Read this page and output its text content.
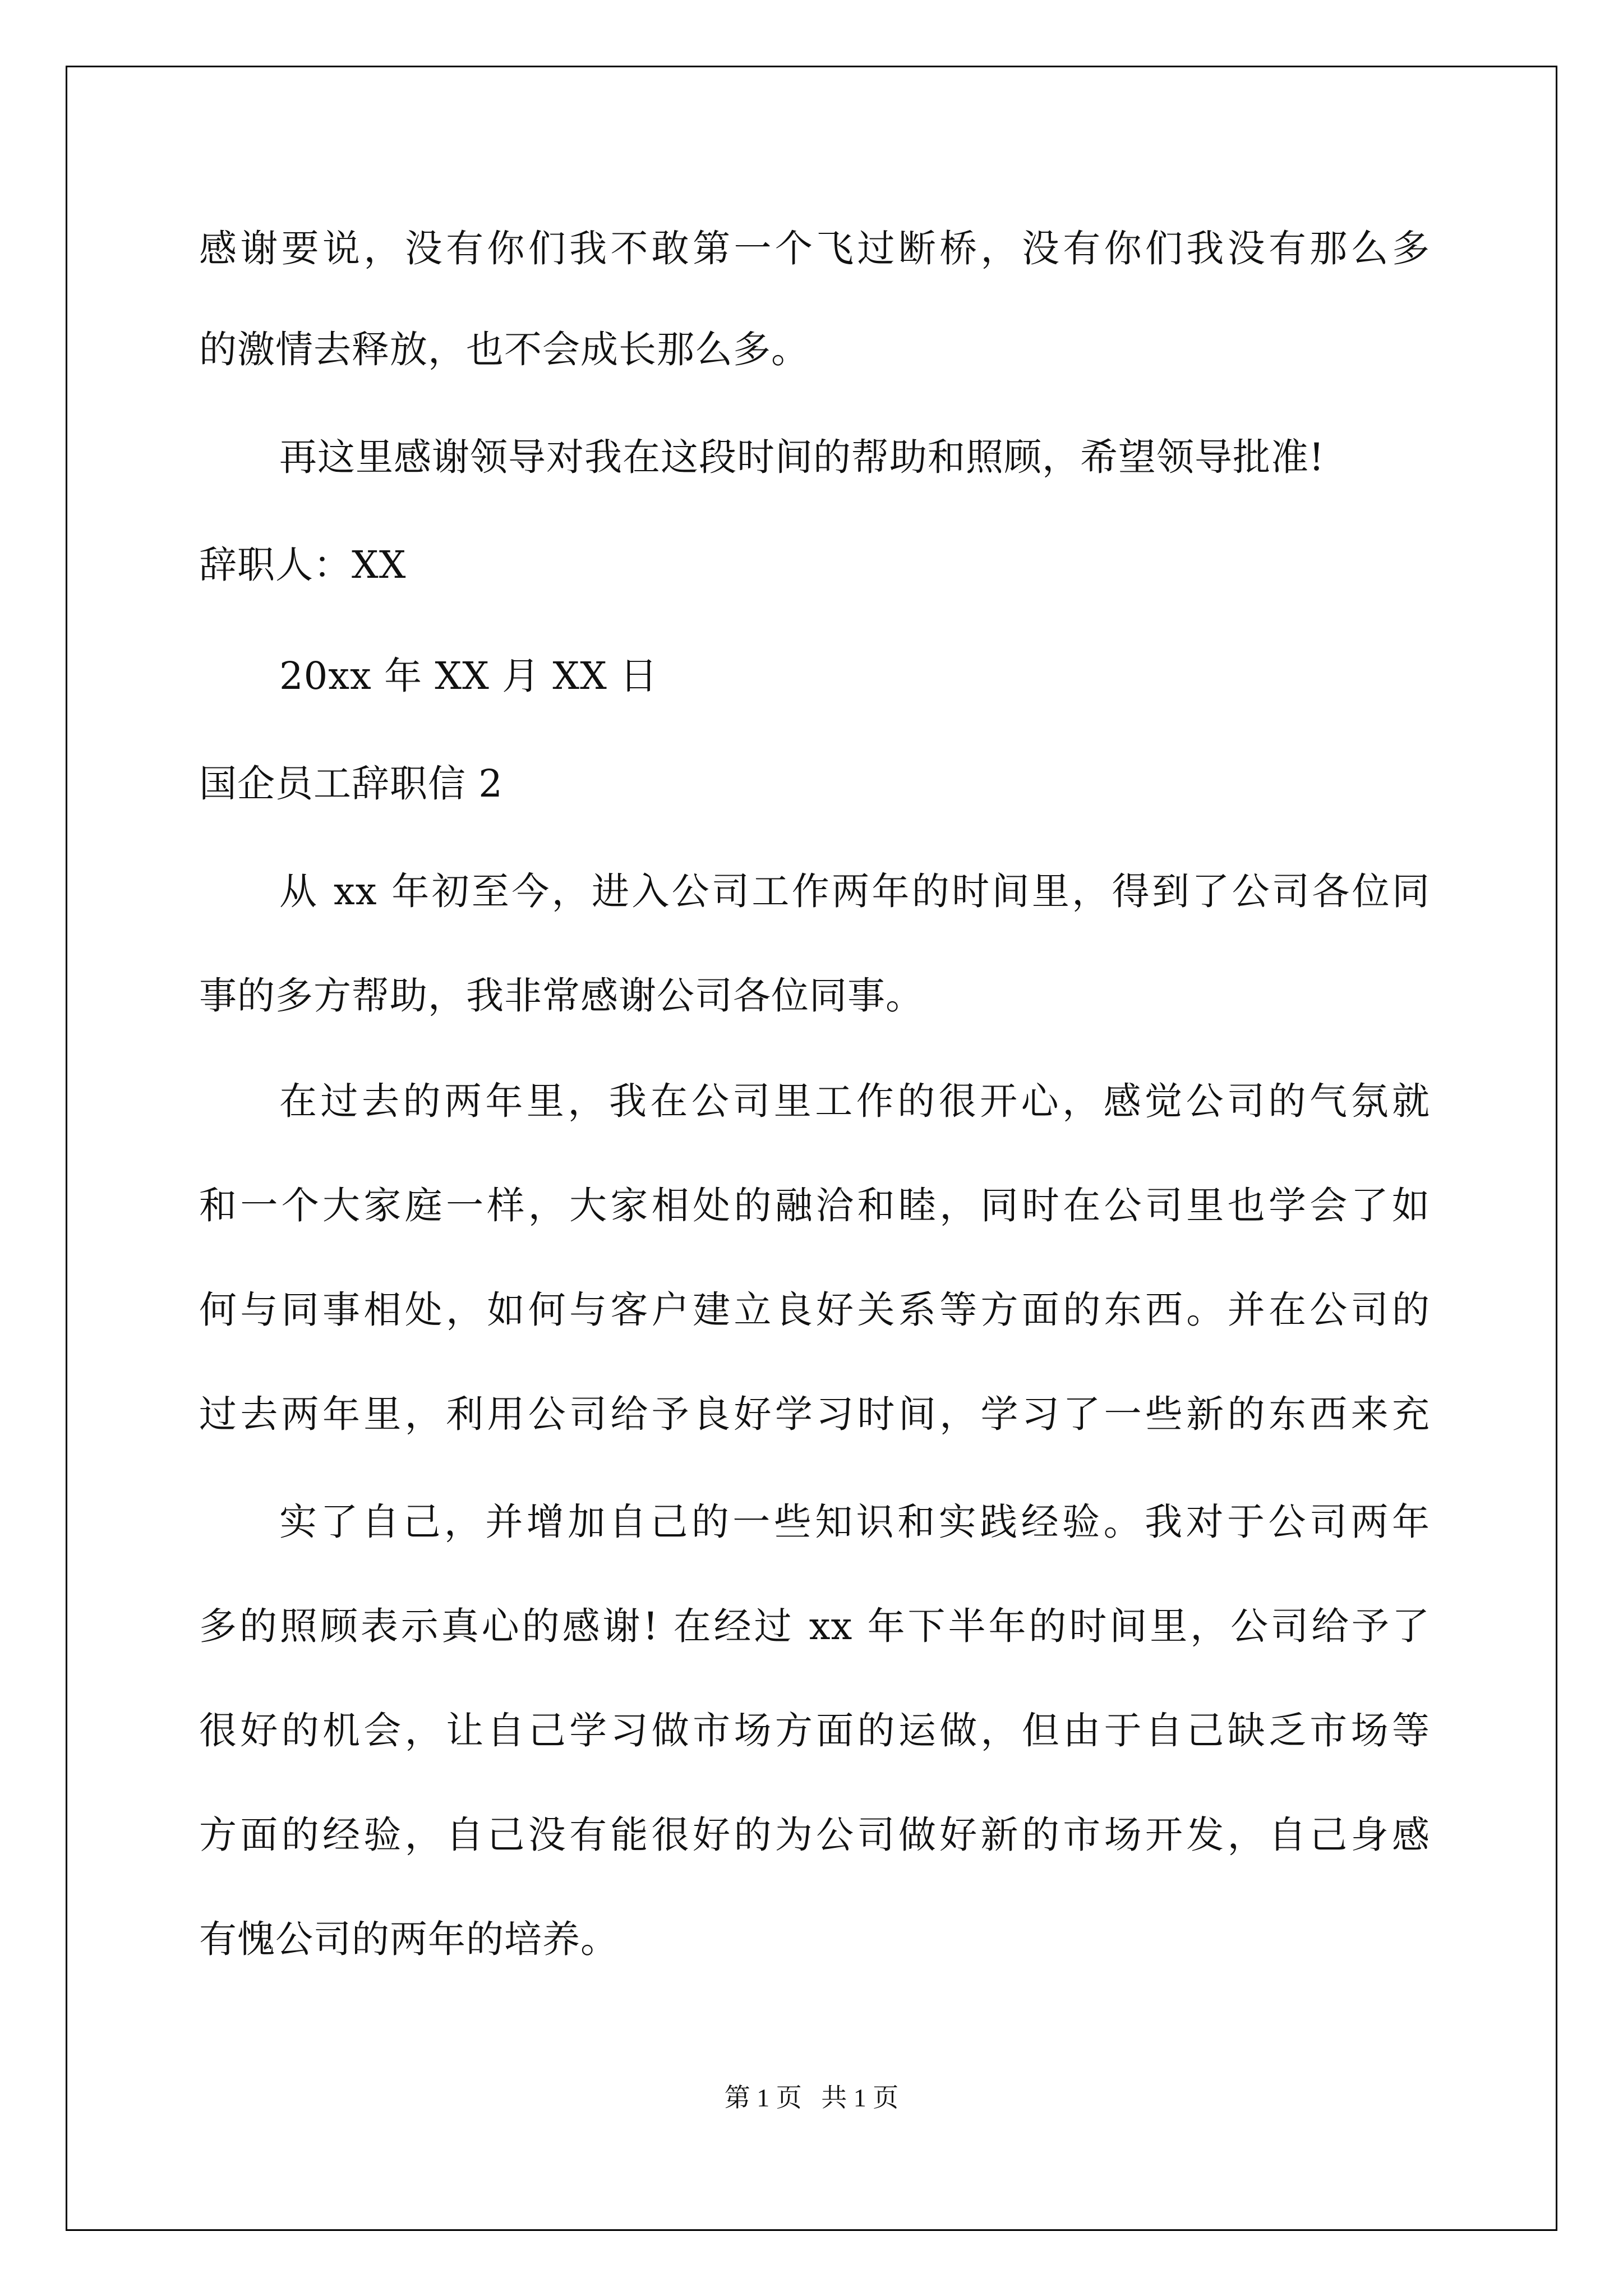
感谢要说，没有你们我不敢第一个飞过断桥，没有你们我没有那么多
的激情去释放，也不会成长那么多。
再这里感谢领导对我在这段时间的帮助和照顾，希望领导批准!
辞职人：XX
20xx 年 XX 月 XX 日
国企员工辞职信 2
从 xx 年初至今，进入公司工作两年的时间里，得到了公司各位同
事的多方帮助，我非常感谢公司各位同事。
在过去的两年里，我在公司里工作的很开心，感觉公司的气氛就
和一个大家庭一样，大家相处的融洽和睦，同时在公司里也学会了如
何与同事相处，如何与客户建立良好关系等方面的东西。并在公司的
过去两年里，利用公司给予良好学习时间，学习了一些新的东西来充
实了自己，并增加自己的一些知识和实践经验。我对于公司两年
多的照顾表示真心的感谢! 在经过 xx 年下半年的时间里，公司给予了
很好的机会，让自己学习做市场方面的运做，但由于自己缺乏市场等
方面的经验，自己没有能很好的为公司做好新的市场开发，自己身感
有愧公司的两年的培养。
第 1 页   共 1 页
